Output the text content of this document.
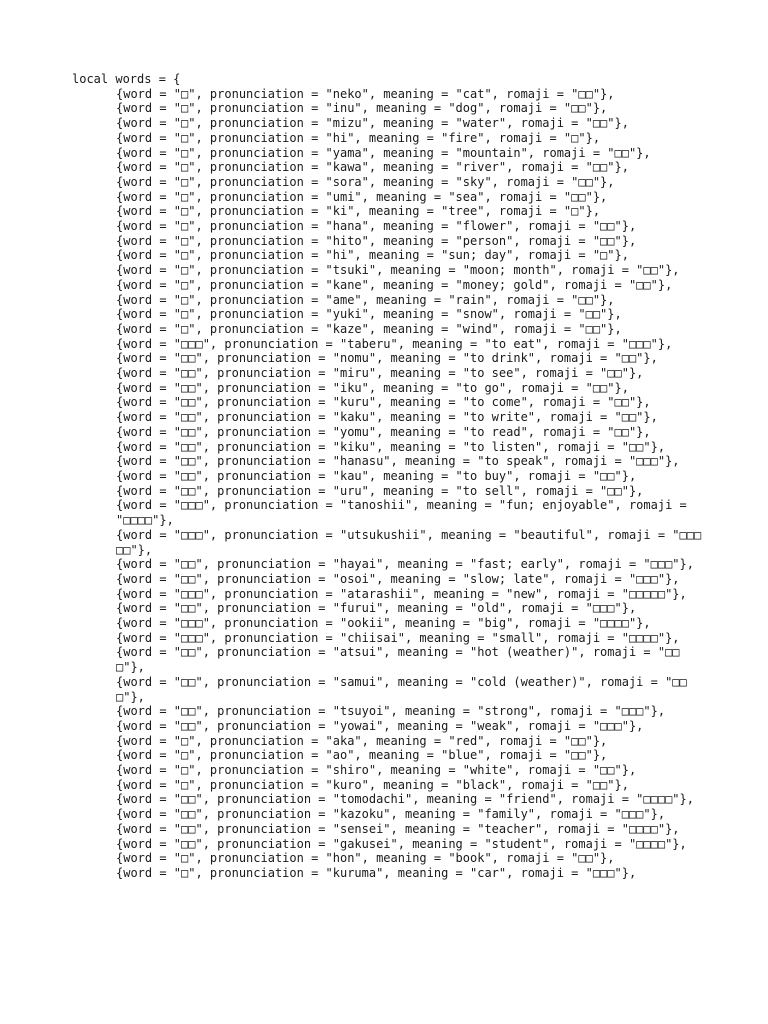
local words = {
{word = "□", pronunciation = "neko", meaning = "cat", romaji = "□□"},
{word = "□", pronunciation = "inu", meaning = "dog", romaji = "□□"},
{word = "□", pronunciation = "mizu", meaning = "water", romaji = "□□"},
{word = "□", pronunciation = "hi", meaning = "fire", romaji = "□"},
{word = "□", pronunciation = "yama", meaning = "mountain", romaji = "□□"},
{word = "□", pronunciation = "kawa", meaning = "river", romaji = "□□"},
{word = "□", pronunciation = "sora", meaning = "sky", romaji = "□□"},
{word = "□", pronunciation = "umi", meaning = "sea", romaji = "□□"},
{word = "□", pronunciation = "ki", meaning = "tree", romaji = "□"},
{word = "□", pronunciation = "hana", meaning = "flower", romaji = "□□"},
{word = "□", pronunciation = "hito", meaning = "person", romaji = "□□"},
{word = "□", pronunciation = "hi", meaning = "sun; day", romaji = "□"},
{word = "□", pronunciation = "tsuki", meaning = "moon; month", romaji = "□□"},
{word = "□", pronunciation = "kane", meaning = "money; gold", romaji = "□□"},
{word = "□", pronunciation = "ame", meaning = "rain", romaji = "□□"},
{word = "□", pronunciation = "yuki", meaning = "snow", romaji = "□□"},
{word = "□", pronunciation = "kaze", meaning = "wind", romaji = "□□"},
{word = "□□□", pronunciation = "taberu", meaning = "to eat", romaji = "□□□"},
{word = "□□", pronunciation = "nomu", meaning = "to drink", romaji = "□□"},
{word = "□□", pronunciation = "miru", meaning = "to see", romaji = "□□"},
{word = "□□", pronunciation = "iku", meaning = "to go", romaji = "□□"},
{word = "□□", pronunciation = "kuru", meaning = "to come", romaji = "□□"},
{word = "□□", pronunciation = "kaku", meaning = "to write", romaji = "□□"},
{word = "□□", pronunciation = "yomu", meaning = "to read", romaji = "□□"},
{word = "□□", pronunciation = "kiku", meaning = "to listen", romaji = "□□"},
{word = "□□", pronunciation = "hanasu", meaning = "to speak", romaji = "□□□"},
{word = "□□", pronunciation = "kau", meaning = "to buy", romaji = "□□"},
{word = "□□", pronunciation = "uru", meaning = "to sell", romaji = "□□"},
{word = "□□□", pronunciation = "tanoshii", meaning = "fun; enjoyable", romaji = "□□□□"},
{word = "□□□", pronunciation = "utsukushii", meaning = "beautiful", romaji = "□□□□□"},
{word = "□□", pronunciation = "hayai", meaning = "fast; early", romaji = "□□□"},
{word = "□□", pronunciation = "osoi", meaning = "slow; late", romaji = "□□□"},
{word = "□□□", pronunciation = "atarashii", meaning = "new", romaji = "□□□□□"},
{word = "□□", pronunciation = "furui", meaning = "old", romaji = "□□□"},
{word = "□□□", pronunciation = "ookii", meaning = "big", romaji = "□□□□"},
{word = "□□□", pronunciation = "chiisai", meaning = "small", romaji = "□□□□"},
{word = "□□", pronunciation = "atsui", meaning = "hot (weather)", romaji = "□□□"},
{word = "□□", pronunciation = "samui", meaning = "cold (weather)", romaji = "□□□"},
{word = "□□", pronunciation = "tsuyoi", meaning = "strong", romaji = "□□□"},
{word = "□□", pronunciation = "yowai", meaning = "weak", romaji = "□□□"},
{word = "□", pronunciation = "aka", meaning = "red", romaji = "□□"},
{word = "□", pronunciation = "ao", meaning = "blue", romaji = "□□"},
{word = "□", pronunciation = "shiro", meaning = "white", romaji = "□□"},
{word = "□", pronunciation = "kuro", meaning = "black", romaji = "□□"},
{word = "□□", pronunciation = "tomodachi", meaning = "friend", romaji = "□□□□"},
{word = "□□", pronunciation = "kazoku", meaning = "family", romaji = "□□□"},
{word = "□□", pronunciation = "sensei", meaning = "teacher", romaji = "□□□□"},
{word = "□□", pronunciation = "gakusei", meaning = "student", romaji = "□□□□"},
{word = "□", pronunciation = "hon", meaning = "book", romaji = "□□"},
{word = "□", pronunciation = "kuruma", meaning = "car", romaji = "□□□"},
